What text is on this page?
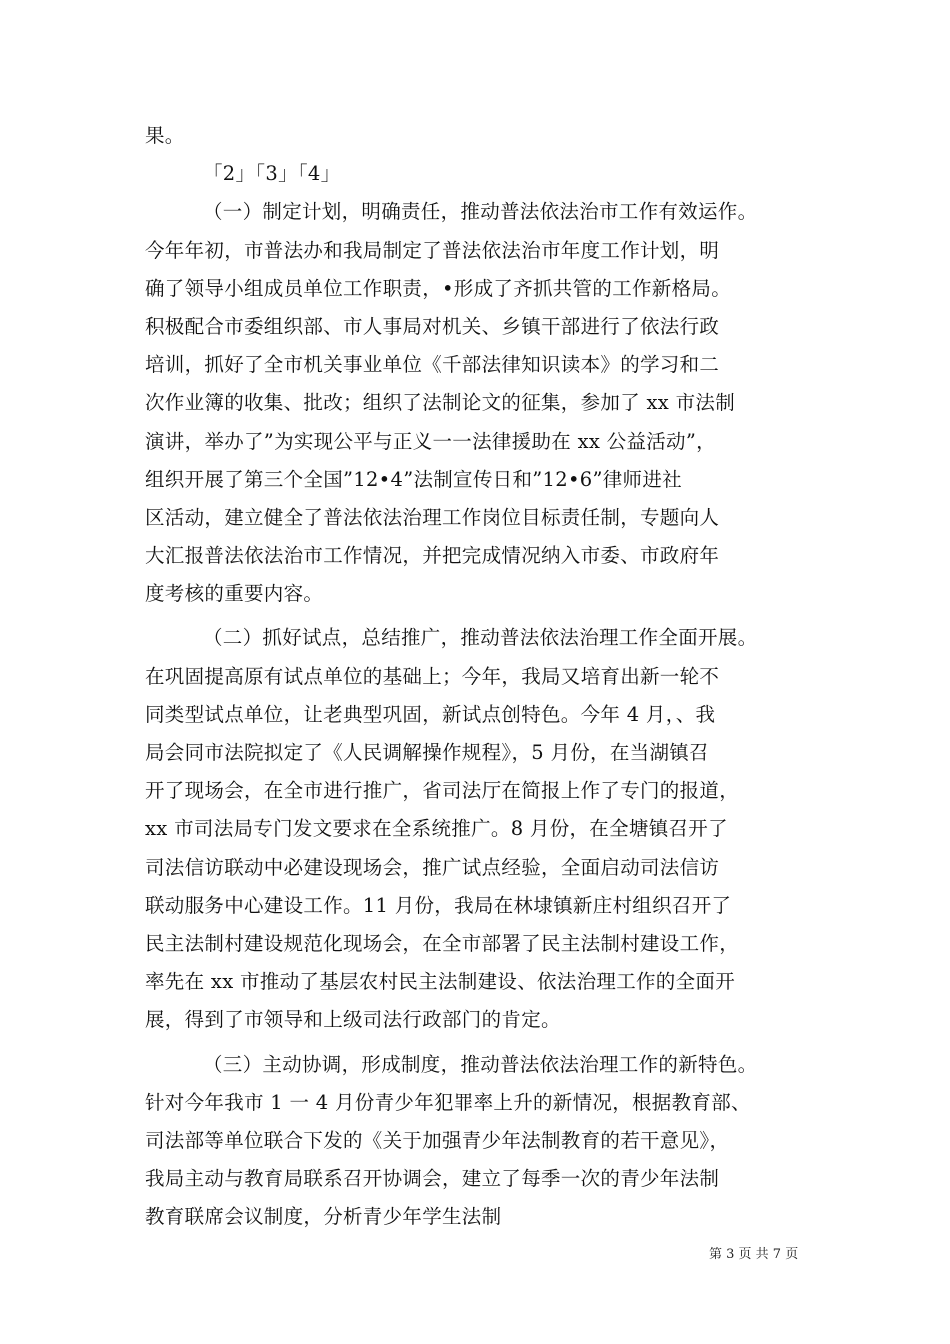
果。
「2」「3」「4」
（一）制定计划，明确责任，推动普法依法治市工作有效运作。
今年年初，市普法办和我局制定了普法依法治市年度工作计划，明
确了领导小组成员单位工作职责，•形成了齐抓共管的工作新格局。
积极配合市委组织部、市人事局对机关、乡镇干部进行了依法行政
培训，抓好了全市机关事业单位《千部法律知识读本》的学习和二
次作业簿的收集、批改；组织了法制论文的征集，参加了 xx 市法制
演讲，举办了”为实现公平与正义一一法律援助在 xx 公益活动”，
组织开展了第三个全国”12•4”法制宣传日和”12•6”律师进社
区活动，建立健全了普法依法治理工作岗位目标责任制，专题向人
大汇报普法依法治市工作情况，并把完成情况纳入市委、市政府年
度考核的重要内容。
（二）抓好试点，总结推广，推动普法依法治理工作全面开展。
在巩固提高原有试点单位的基础上；今年，我局又培育出新一轮不
同类型试点单位，让老典型巩固，新试点创特色。今年 4 月，、我
局会同市法院拟定了《人民调解操作规程》，5 月份，在当湖镇召
开了现场会，在全市进行推广，省司法厅在简报上作了专门的报道，
xx 市司法局专门发文要求在全系统推广。8 月份，在全塘镇召开了
司法信访联动中必建设现场会，推广试点经验，全面启动司法信访
联动服务中心建设工作。11 月份，我局在林埭镇新庄村组织召开了
民主法制村建设规范化现场会，在全市部署了民主法制村建设工作，
率先在 xx 市推动了基层农村民主法制建设、依法治理工作的全面开
展，得到了市领导和上级司法行政部门的肯定。
（三）主动协调，形成制度，推动普法依法治理工作的新特色。
针对今年我市 1 一 4 月份青少年犯罪率上升的新情况，根据教育部、
司法部等单位联合下发的《关于加强青少年法制教育的若干意见》，
我局主动与教育局联系召开协调会，建立了每季一次的青少年法制
教育联席会议制度，分析青少年学生法制
第 3 页 共 7 页
